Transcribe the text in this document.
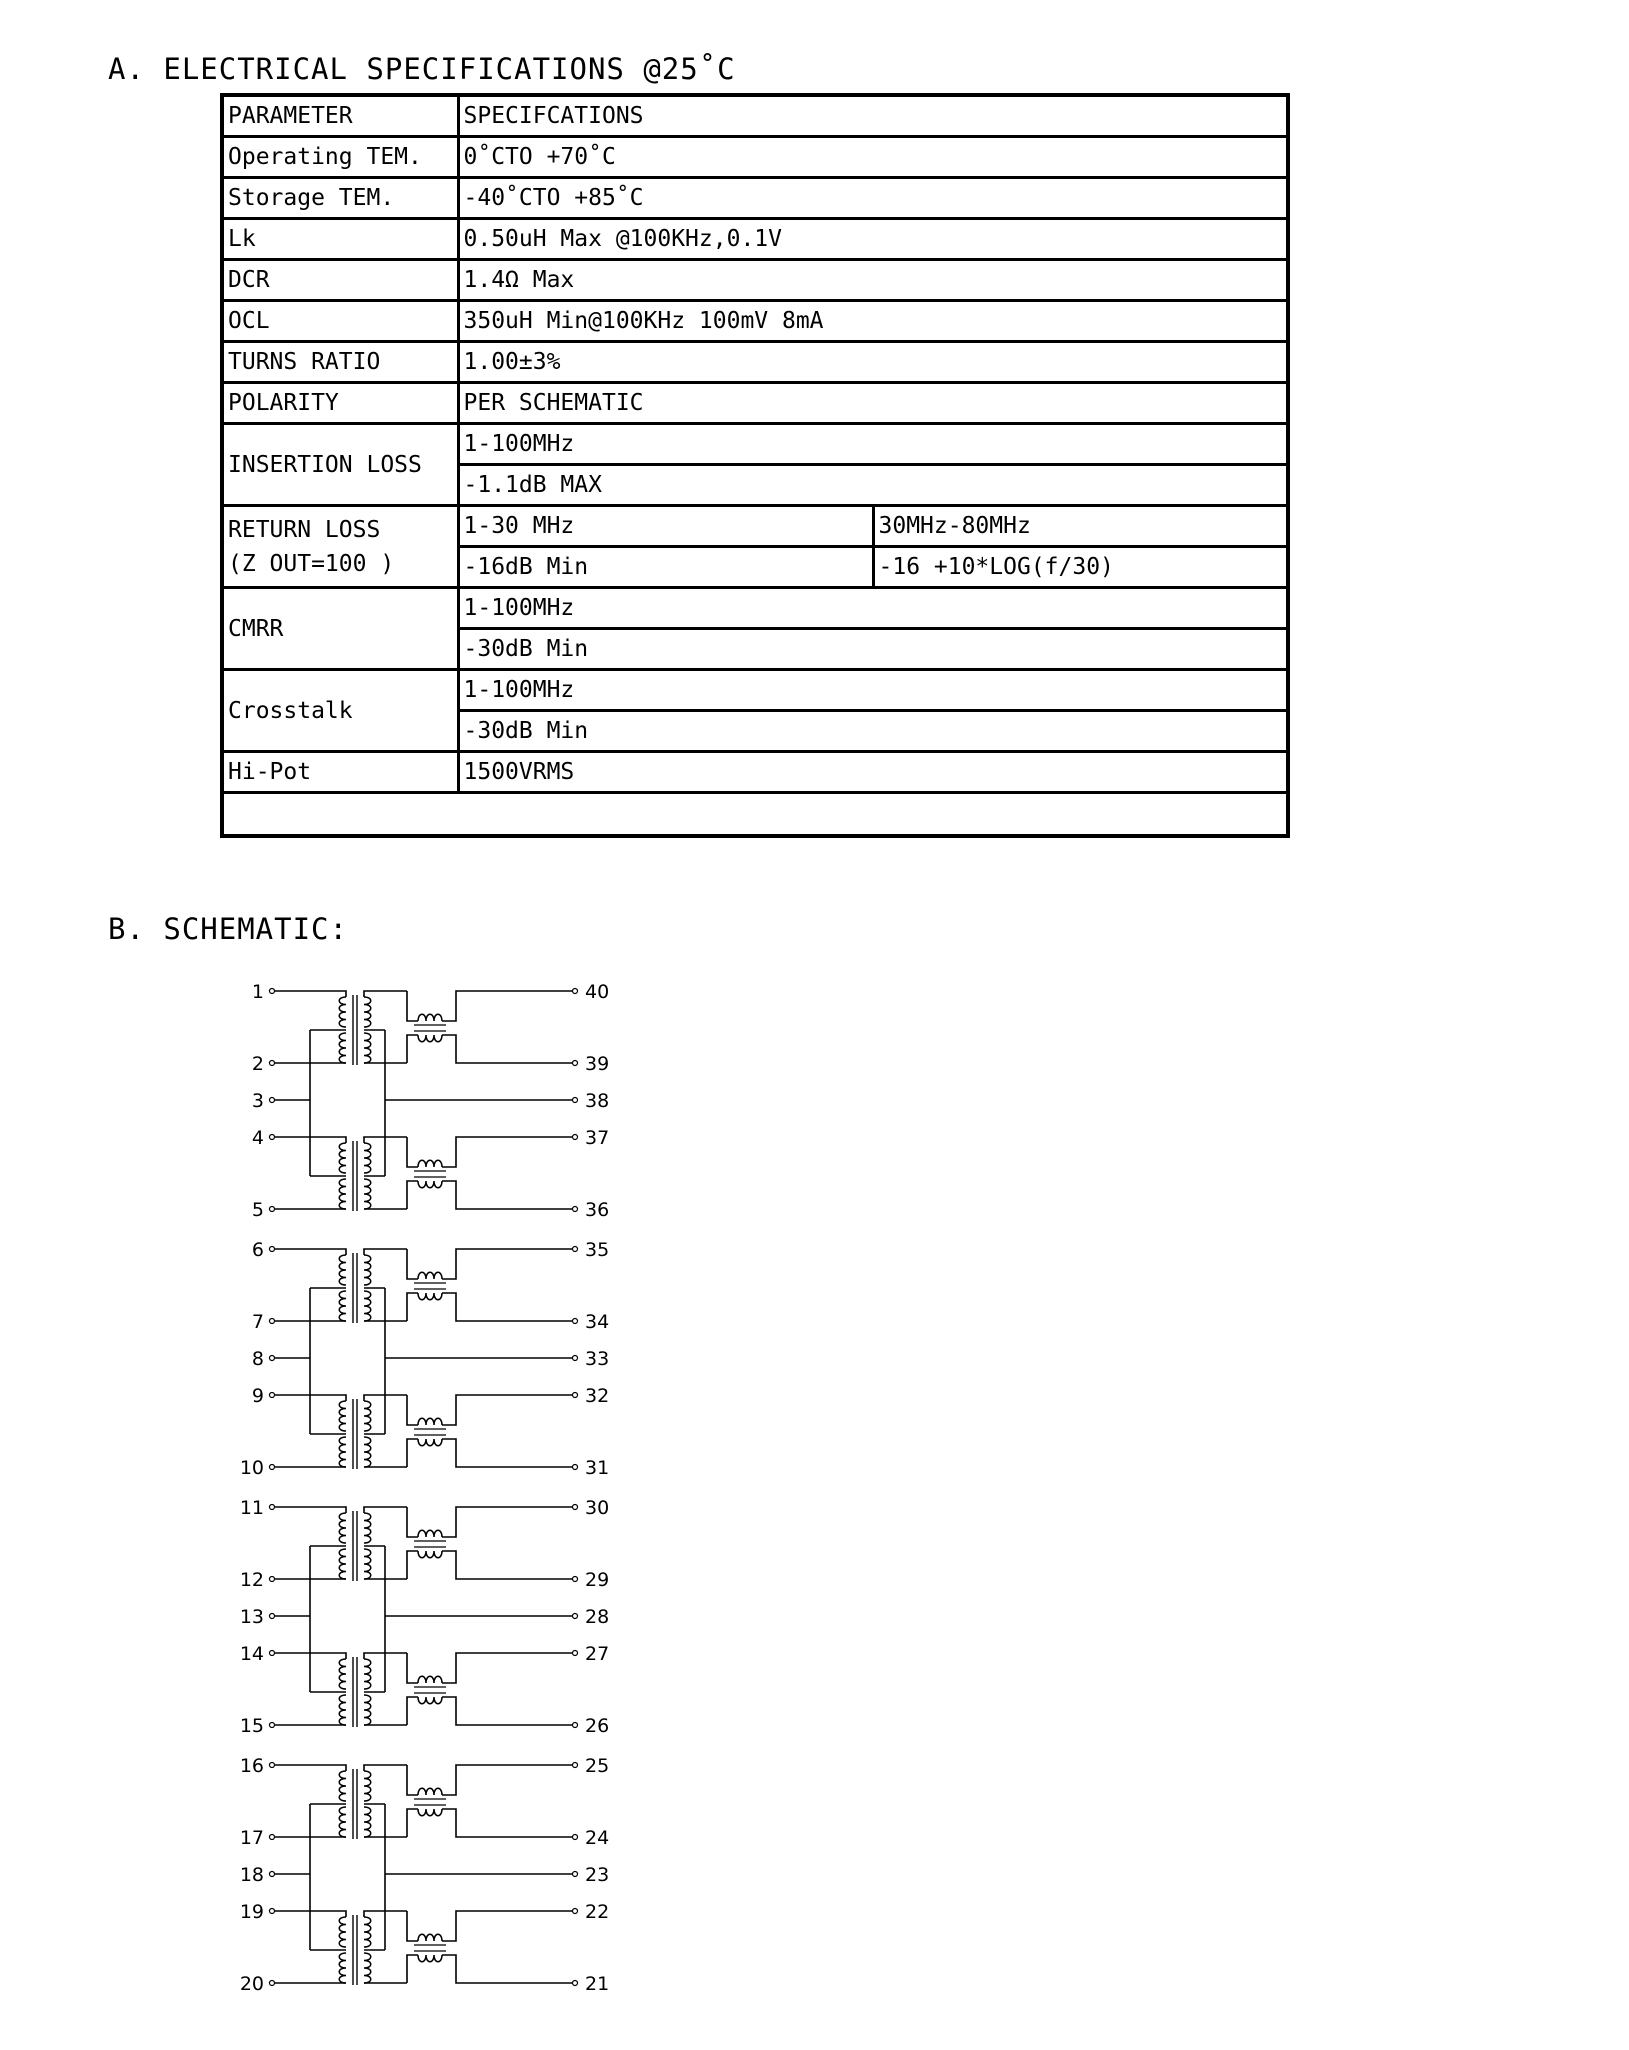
A. ELECTRICAL SPECIFICATIONS @25˚C
PARAMETER	SPECIFCATIONS	
Operating TEM.	0˚CTO +70˚C	
Storage TEM.	-40˚CTO +85˚C	
Lk	0.50uH Max @100KHz,0.1V	
DCR	1.4Ω Max	
OCL	350uH Min@100KHz 100mV 8mA	
TURNS RATIO	1.00±3%	
POLARITY	PER SCHEMATIC	
INSERTION LOSS	1-100MHz	
	-1.1dB MAX	
RETURN LOSS
(Z OUT=100 )	1-30 MHz	30MHz-80MHz
	-16dB Min	-16 +10*LOG(f/30)
CMRR	1-100MHz	
	-30dB Min	
Crosstalk	1-100MHz	
	-30dB Min	
Hi-Pot	1500VRMS	

B. SCHEMATIC:
1
2
3
4
5
40
39
38
37
36
6
7
8
9
10
35
34
33
32
31
11
12
13
14
15
30
29
28
27
26
16
17
18
19
20
25
24
23
22
21
